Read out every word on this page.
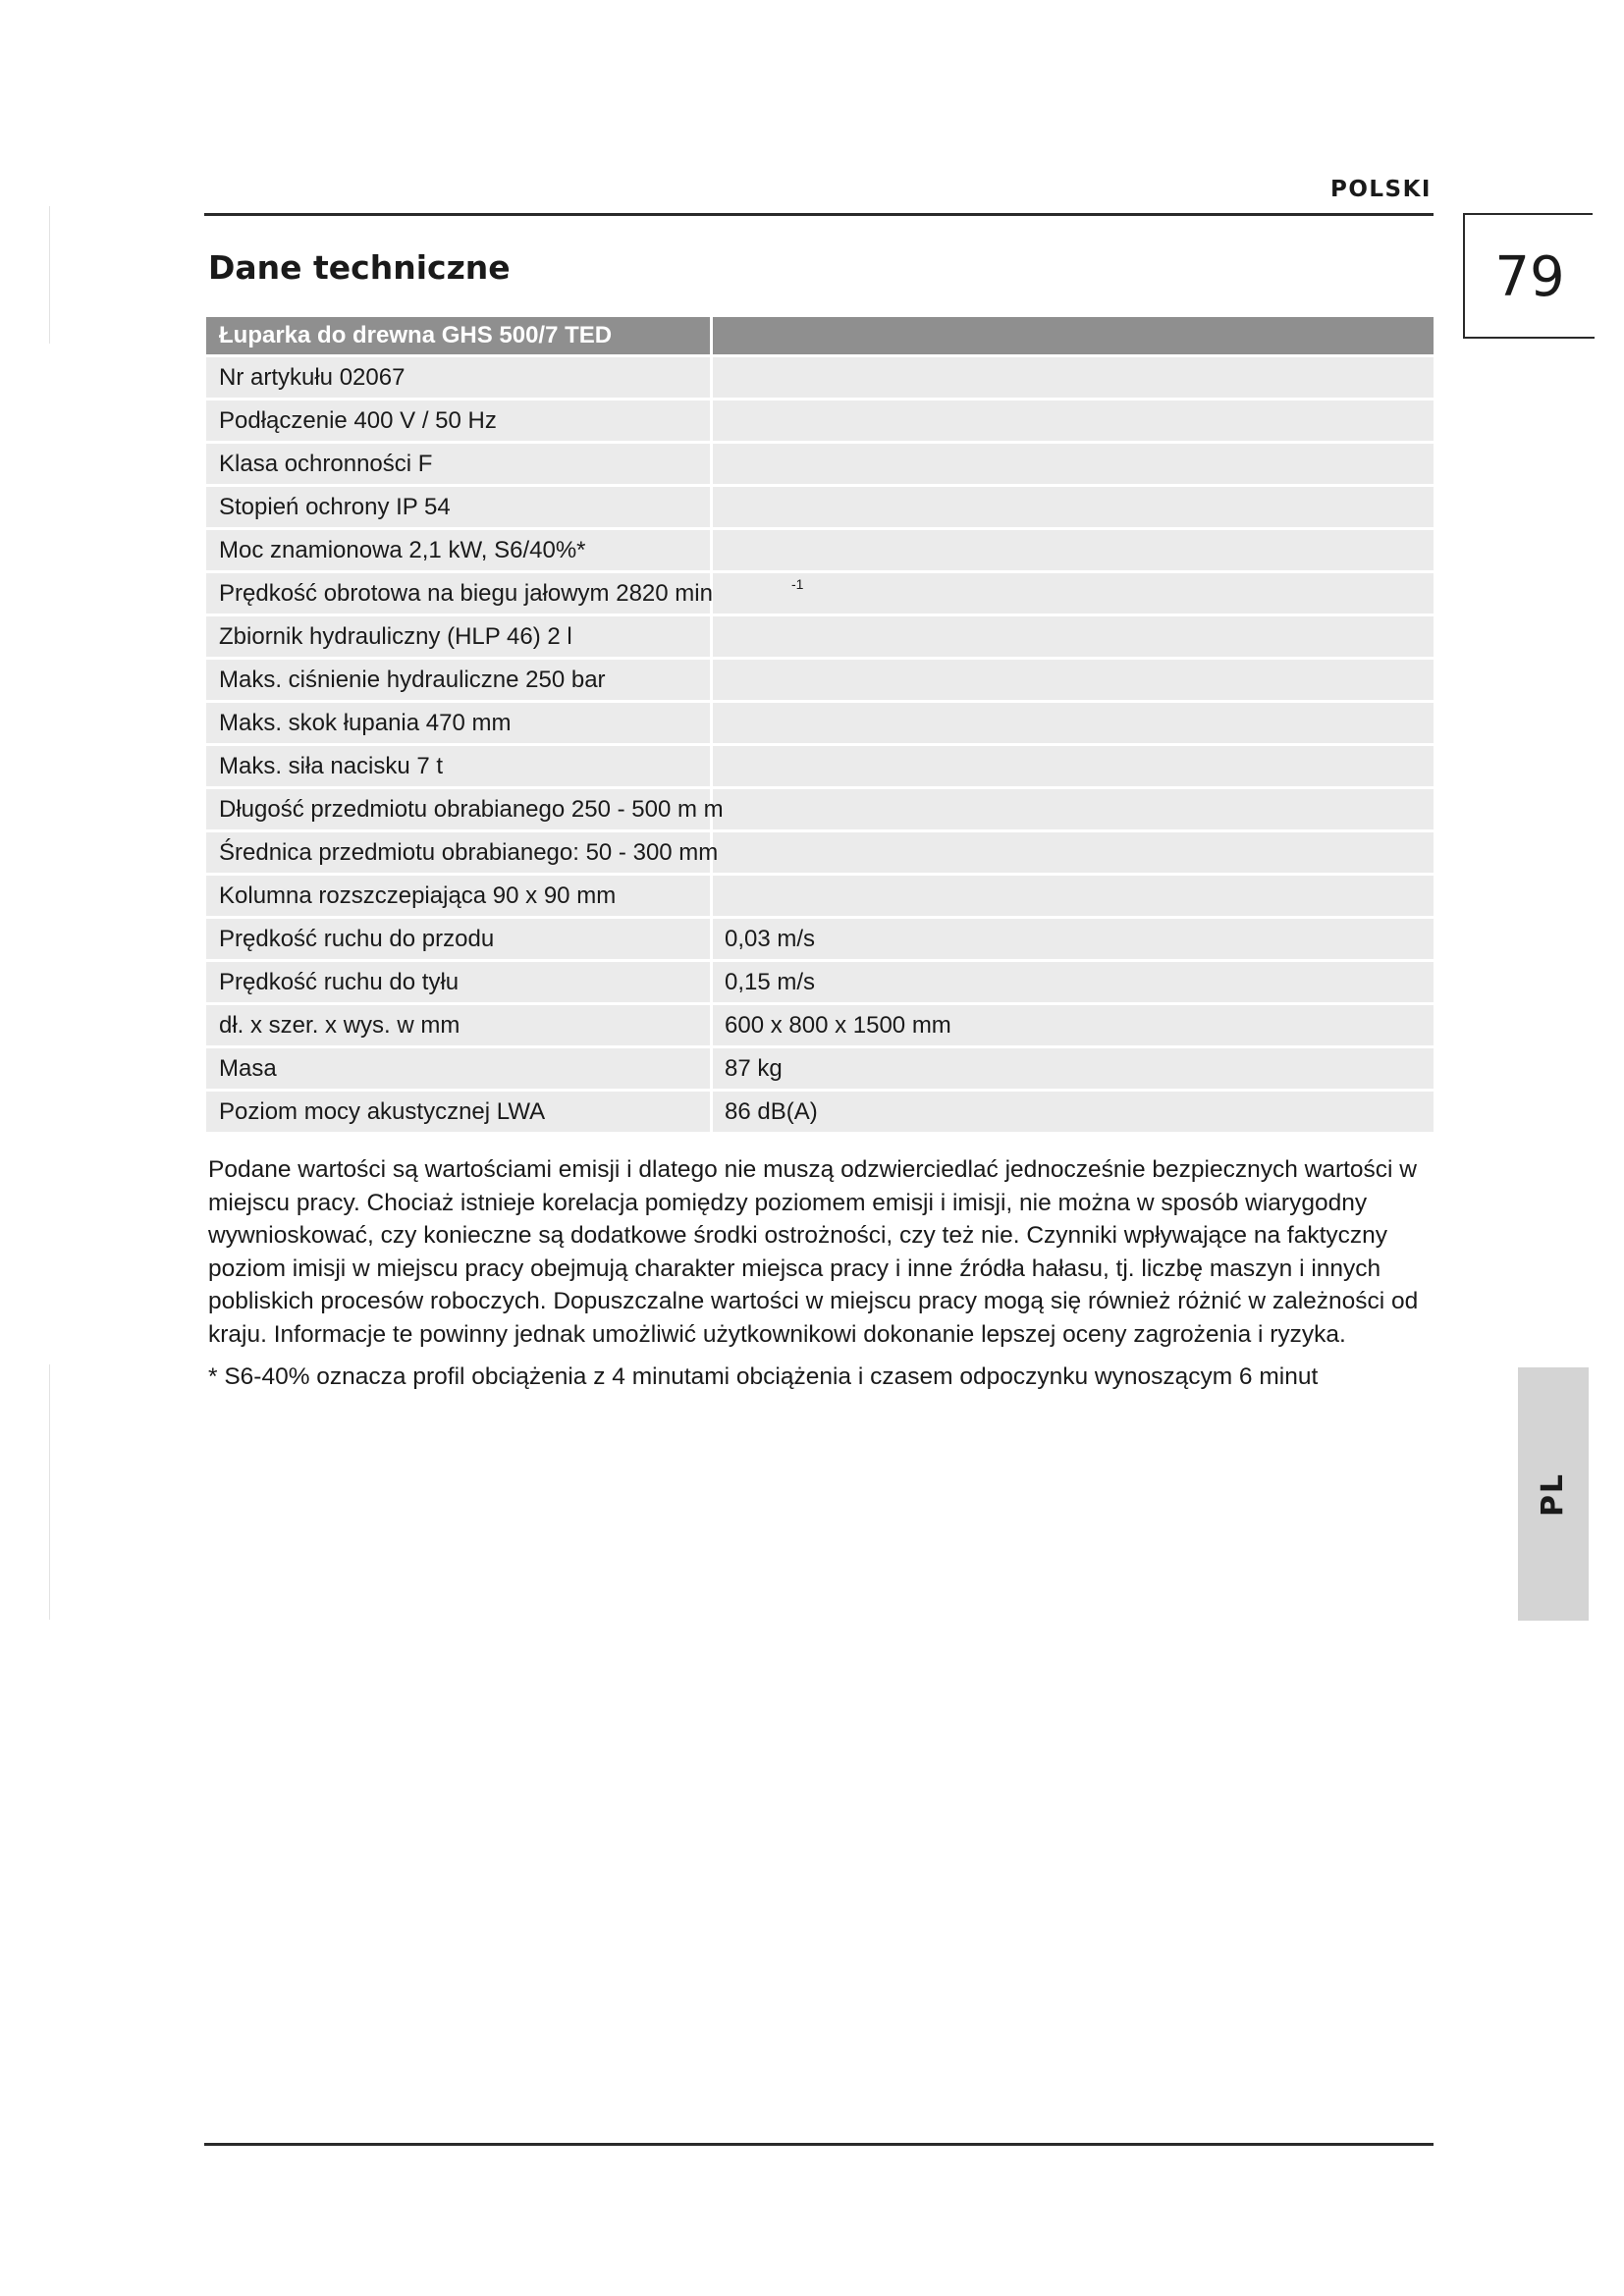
POLSKI
79
Dane techniczne
Łuparka do drewna GHS 500/7 TED	
Nr artykułu 02067	
Podłączenie 400 V / 50 Hz	
Klasa ochronności F	
Stopień ochrony IP 54	
Moc znamionowa 2,1 kW, S6/40%*	
Prędkość obrotowa na biegu jałowym 2820 min $^{-1}$	
Zbiornik hydrauliczny (HLP 46) 2 l	
Maks. ciśnienie hydrauliczne 250 bar	
Maks. skok łupania 470 mm	
Maks. siła nacisku 7 t	
Długość przedmiotu obrabianego 250 - 500 m m	
Średnica przedmiotu obrabianego: 50 - 300 mm	
Kolumna rozszczepiająca 90 x 90 mm	
Prędkość ruchu do przodu	0,03 m/s
Prędkość ruchu do tyłu	0,15 m/s
dł. x szer. x wys. w mm	600 x 800 x 1500 mm
Masa	87 kg
Poziom mocy akustycznej LWA	86 dB(A)

Podane wartości są wartościami emisji i dlatego nie muszą odzwierciedlać jednocześnie bezpiecznych wartości w miejscu pracy. Chociaż istnieje korelacja pomiędzy poziomem emisji i imisji, nie można w sposób wiarygodny wywnioskować, czy konieczne są dodatkowe środki ostrożności, czy też nie. Czynniki wpływające na faktyczny poziom imisji w miejscu pracy obejmują charakter miejsca pracy i inne źródła hałasu, tj. liczbę maszyn i innych pobliskich procesów roboczych. Dopuszczalne wartości w miejscu pracy mogą się również różnić w zależności od kraju. Informacje te powinny jednak umożliwić użytkownikowi dokonanie lepszej oceny zagrożenia i ryzyka.

* S6-40% oznacza profil obciążenia z 4 minutami obciążenia i czasem odpoczynku wynoszącym 6 minut

PL
